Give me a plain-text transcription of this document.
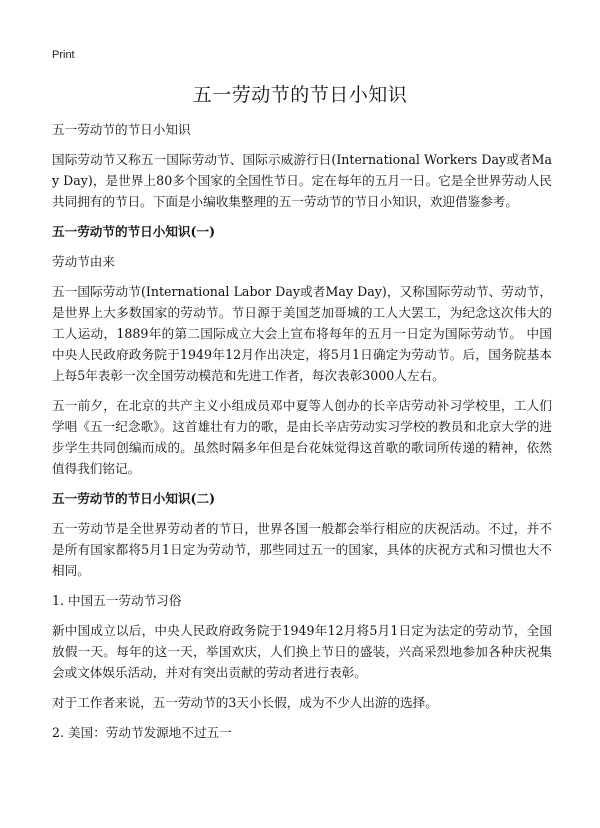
Print
五一劳动节的节日小知识

五一劳动节的节日小知识

国际劳动节又称五一国际劳动节、国际示威游行日(International Workers Day或者May Day)，是世界上80多个国家的全国性节日。定在每年的五月一日。它是全世界劳动人民共同拥有的节日。下面是小编收集整理的五一劳动节的节日小知识，欢迎借鉴参考。

五一劳动节的节日小知识(一)

劳动节由来

五一国际劳动节(International Labor Day或者May Day)，又称国际劳动节、劳动节，是世界上大多数国家的劳动节。节日源于美国芝加哥城的工人大罢工，为纪念这次伟大的工人运动，1889年的第二国际成立大会上宣布将每年的五月一日定为国际劳动节。 中国中央人民政府政务院于1949年12月作出决定，将5月1日确定为劳动节。后，国务院基本上每5年表彰一次全国劳动模范和先进工作者，每次表彰3000人左右。

五一前夕，在北京的共产主义小组成员邓中夏等人创办的长辛店劳动补习学校里，工人们学唱《五一纪念歌》。这首雄壮有力的歌，是由长辛店劳动实习学校的教员和北京大学的进步学生共同创编而成的。虽然时隔多年但是台花妹觉得这首歌的歌词所传递的精神，依然值得我们铭记。

五一劳动节的节日小知识(二)

五一劳动节是全世界劳动者的节日，世界各国一般都会举行相应的庆祝活动。不过，并不是所有国家都将5月1日定为劳动节，那些同过五一的国家，具体的庆祝方式和习惯也大不相同。

1. 中国五一劳动节习俗

新中国成立以后，中央人民政府政务院于1949年12月将5月1日定为法定的劳动节，全国放假一天。每年的这一天，举国欢庆，人们换上节日的盛装，兴高采烈地参加各种庆祝集会或文体娱乐活动，并对有突出贡献的劳动者进行表彰。

对于工作者来说，五一劳动节的3天小长假，成为不少人出游的选择。

2. 美国：劳动节发源地不过五一
